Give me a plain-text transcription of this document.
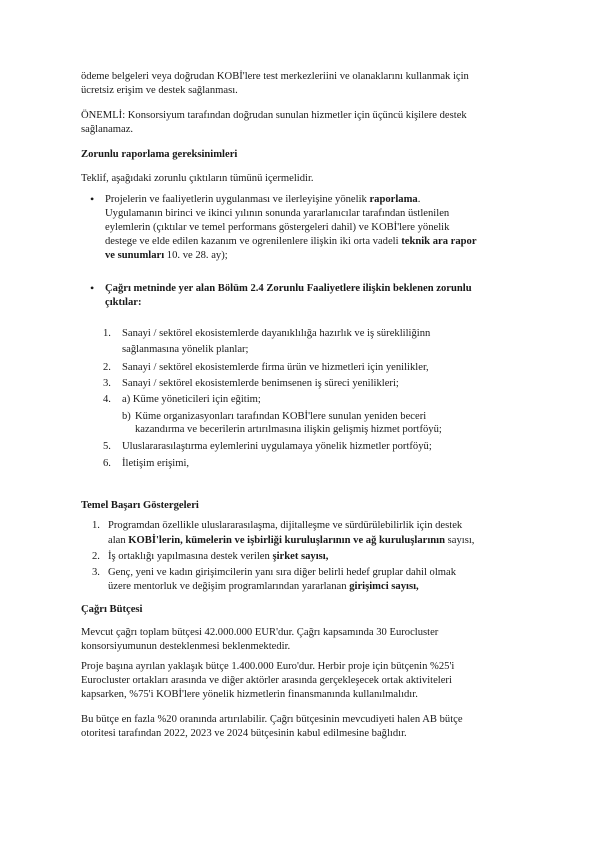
ödeme belgeleri veya doğrudan KOBİ'lere test merkezleriini ve olanaklarını kullanmak için

ücretsiz erişim ve destek sağlanması.

ÖNEMLİ: Konsorsiyum tarafından doğrudan sunulan hizmetler için üçüncü kişilere destek

sağlanamaz.

Zorunlu raporlama gereksinimleri

Teklif, aşağıdaki zorunlu çıktıların tümünü içermelidir.

• Projelerin ve faaliyetlerin uygulanması ve ilerleyişine yönelik raporlama.

Uygulamanın birinci ve ikinci yılının sonunda yararlanıcılar tarafından üstlenilen

eylemlerin (çıktılar ve temel performans göstergeleri dahil) ve KOBİ'lere yönelik

destege ve elde edilen kazanım ve ogrenilenlere ilişkin iki orta vadeli teknik ara rapor

ve sunumları 10. ve 28. ay);

• Çağrı metninde yer alan Bölüm 2.4 Zorunlu Faaliyetlere ilişkin beklenen zorunlu

çıktılar:

1. Sanayi / sektörel ekosistemlerde dayanıklılığa hazırlık ve iş sürekliliğinn

sağlanmasına yönelik planlar;

2. Sanayi / sektörel ekosistemlerde firma ürün ve hizmetleri için yenilikler,

3. Sanayi / sektörel ekosistemlerde benimsenen iş süreci yenilikleri;

4. a) Küme yöneticileri için eğitim;

b) Küme organizasyonları tarafından KOBİ'lere sunulan yeniden beceri

kazandırma ve becerilerin artırılmasına ilişkin gelişmiş hizmet portföyü;

5. Uluslararasılaştırma eylemlerini uygulamaya yönelik hizmetler portföyü;

6. İletişim erişimi,

Temel Başarı Göstergeleri

1. Programdan özellikle uluslararasılaşma, dijitalleşme ve sürdürülebilirlik için destek

alan KOBİ'lerin, kümelerin ve işbirliği kuruluşlarının ve ağ kuruluşlarının sayısı,

2. İş ortaklığı yapılmasına destek verilen şirket sayısı,

3. Genç, yeni ve kadın girişimcilerin yanı sıra diğer belirli hedef gruplar dahil olmak

üzere mentorluk ve değişim programlarından yararlanan girişimci sayısı,

Çağrı Bütçesi

Mevcut çağrı toplam bütçesi 42.000.000 EUR'dur. Çağrı kapsamında 30 Eurocluster

konsorsiyumunun desteklenmesi beklenmektedir.

Proje başına ayrılan yaklaşık bütçe 1.400.000 Euro'dur. Herbir proje için bütçenin %25'i

Eurocluster ortakları arasında ve diğer aktörler arasında gerçekleşecek ortak aktiviteleri

kapsarken, %75'i KOBİ'lere yönelik hizmetlerin finansmanında kullanılmalıdır.

Bu bütçe en fazla %20 oranında artırılabilir. Çağrı bütçesinin mevcudiyeti halen AB bütçe

otoritesi tarafından 2022, 2023 ve 2024 bütçesinin kabul edilmesine bağlıdır.
